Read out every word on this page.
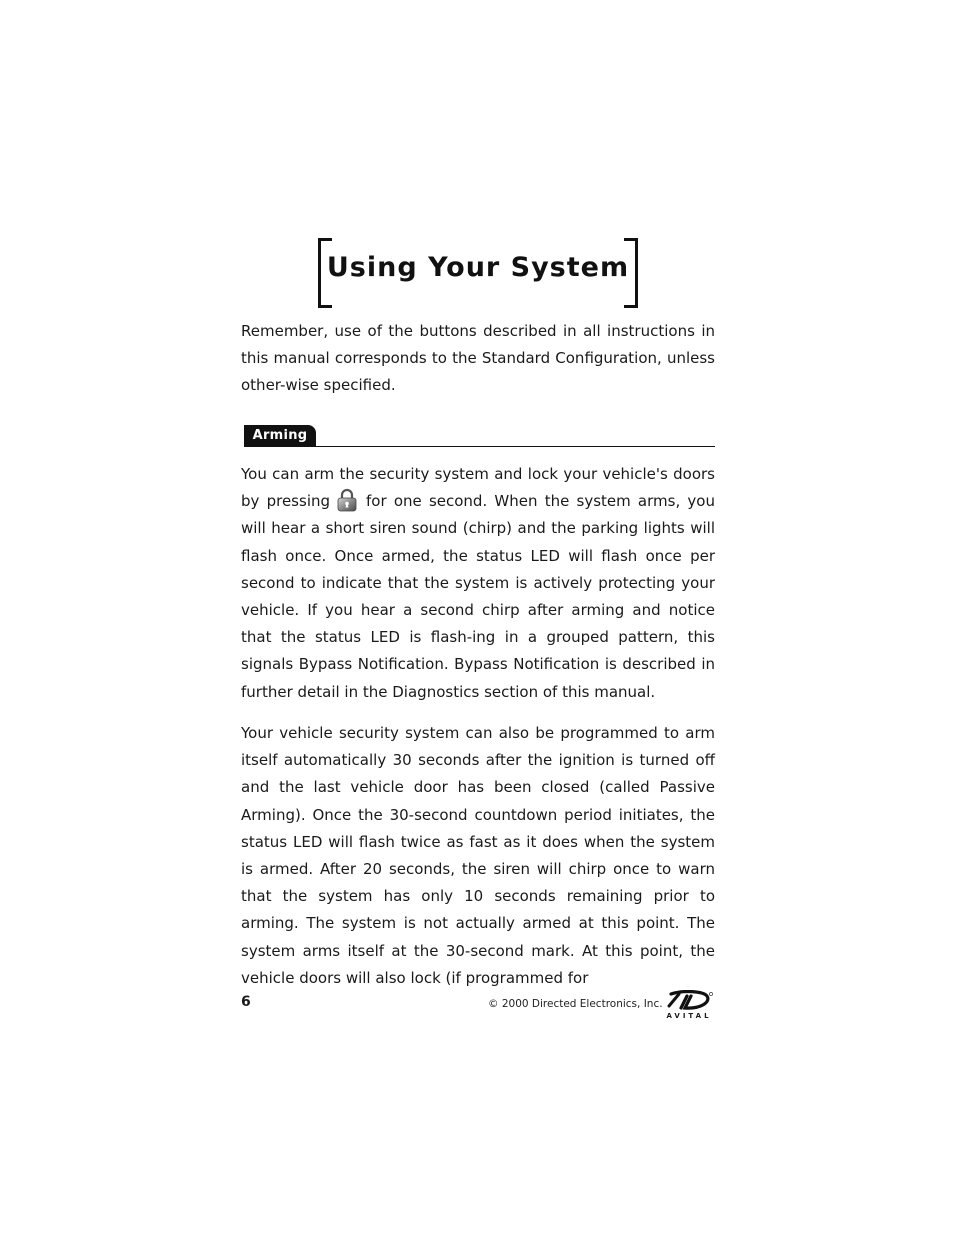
Using Your System

Remember, use of the buttons described in all instructions in this manual corresponds to the Standard Configuration, unless other-wise specified.

Arming

You can arm the security system and lock your vehicle's doors by pressing for one second. When the system arms, you will hear a short siren sound (chirp) and the parking lights will flash once. Once armed, the status LED will flash once per second to indicate that the system is actively protecting your vehicle. If you hear a second chirp after arming and notice that the status LED is flash-ing in a grouped pattern, this signals Bypass Notification. Bypass Notification is described in further detail in the Diagnostics section of this manual.

Your vehicle security system can also be programmed to arm itself automatically 30 seconds after the ignition is turned off and the last vehicle door has been closed (called Passive Arming). Once the 30-second countdown period initiates, the status LED will flash twice as fast as it does when the system is armed. After 20 seconds, the siren will chirp once to warn that the system has only 10 seconds remaining prior to arming. The system is not actually armed at this point. The system arms itself at the 30-second mark. At this point, the vehicle doors will also lock (if programmed for

6	© 2000 Directed Electronics, Inc.
AVITAL
